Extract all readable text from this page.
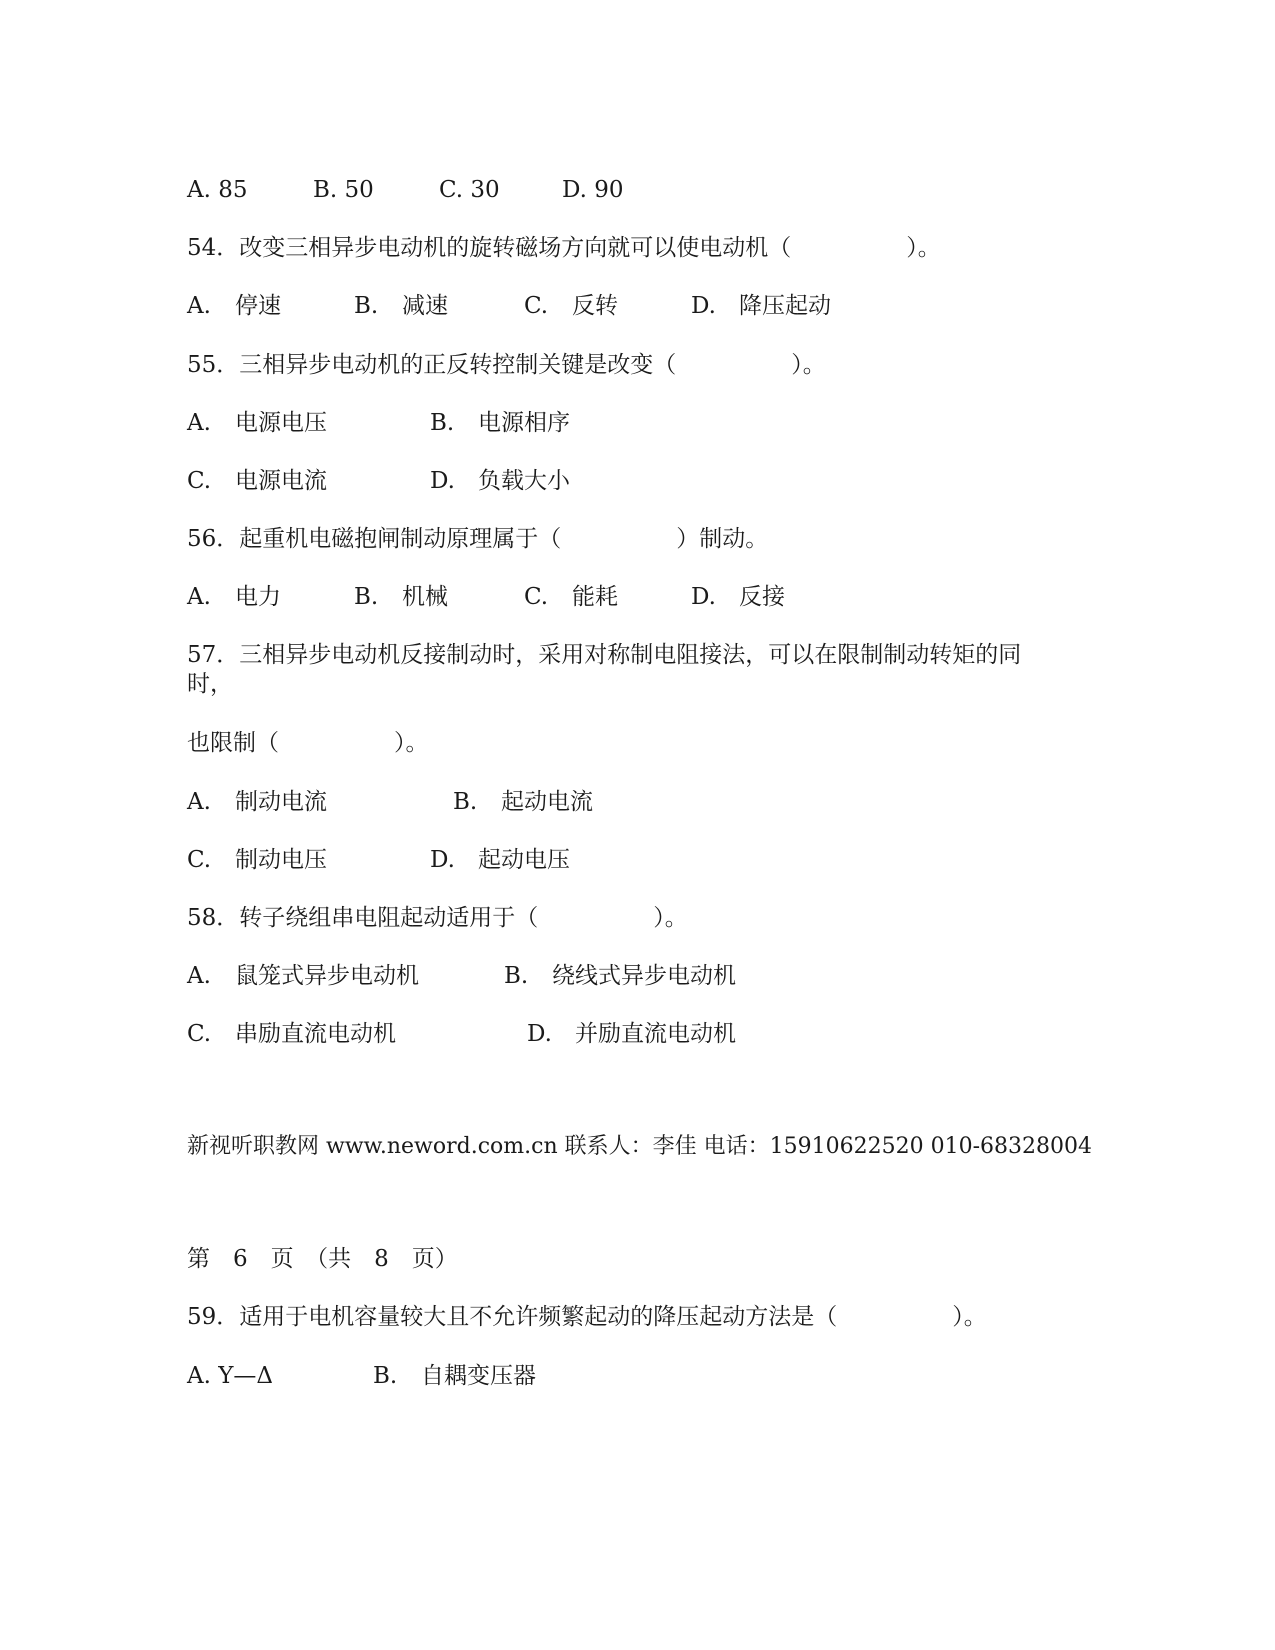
A. 85	B. 50	C. 30	D. 90
54．改变三相异步电动机的旋转磁场方向就可以使电动机（　　　　　）。
A. 停速	B. 减速	C. 反转	D. 降压起动
55．三相异步电动机的正反转控制关键是改变（　　　　　）。
A. 电源电压	B. 电源相序
C. 电源电流	D. 负载大小
56．起重机电磁抱闸制动原理属于（　　　　　）制动。
A. 电力	B. 机械	C. 能耗	D. 反接
57．三相异步电动机反接制动时，采用对称制电阻接法，可以在限制制动转矩的同
时，
也限制（　　　　　）。
A. 制动电流	B. 起动电流
C. 制动电压	D. 起动电压
58．转子绕组串电阻起动适用于（　　　　　）。
A. 鼠笼式异步电动机	B. 绕线式异步电动机
C. 串励直流电动机	D. 并励直流电动机
新视听职教网 www.neword.com.cn 联系人：李佳 电话：15910622520 010-68328004
第　6　页　（共　8　页）
59．适用于电机容量较大且不允许频繁起动的降压起动方法是（　　　　　）。
A. Y—Δ	B. 自耦变压器
